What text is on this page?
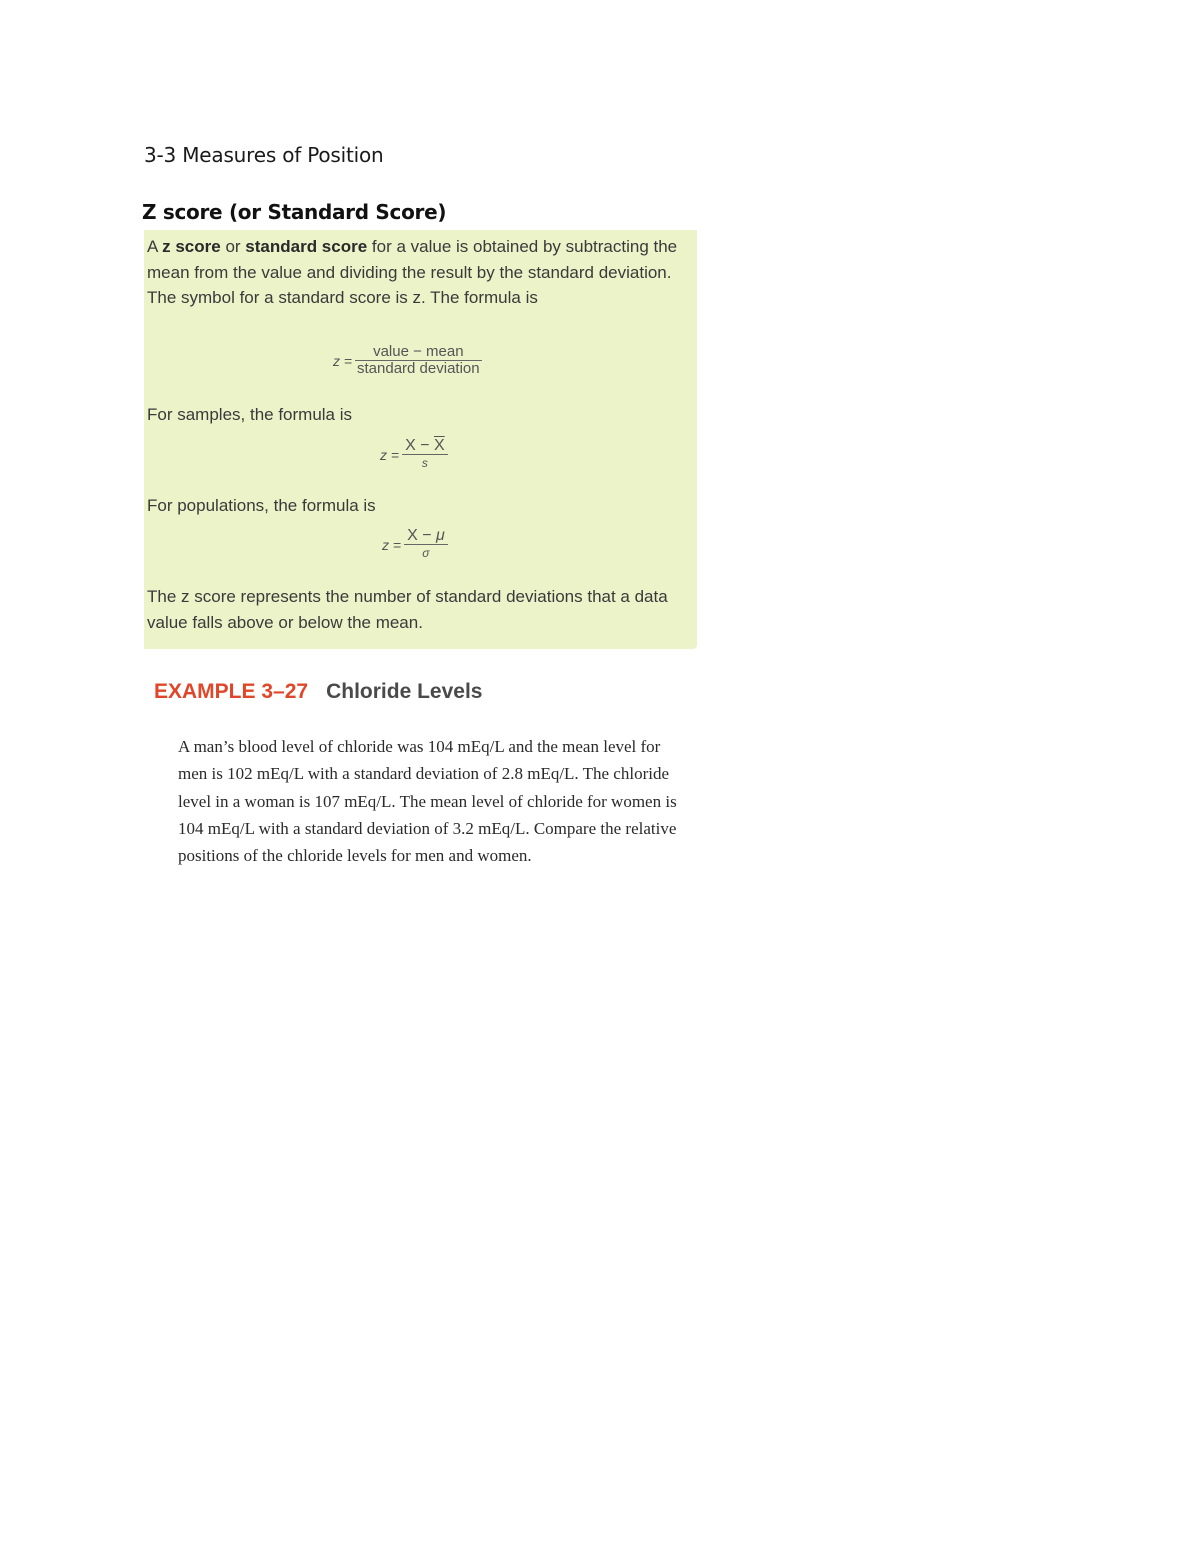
3-3 Measures of Position
Z score (or Standard Score)

A z score or standard score for a value is obtained by subtracting the mean from the value and dividing the result by the standard deviation. The symbol for a standard score is z. The formula is

$z = \frac{\text{value − mean}}{\text{standard deviation}}$

For samples, the formula is

$z = \frac{X - \overline{X}}{s}$

For populations, the formula is

$z = \frac{X - \mu}{\sigma}$

The z score represents the number of standard deviations that a data value falls above or below the mean.

EXAMPLE 3–27 Chloride Levels

A man’s blood level of chloride was 104 mEq/L and the mean level for men is 102 mEq/L with a standard deviation of 2.8 mEq/L. The chloride level in a woman is 107 mEq/L. The mean level of chloride for women is 104 mEq/L with a standard deviation of 3.2 mEq/L. Compare the relative positions of the chloride levels for men and women.
